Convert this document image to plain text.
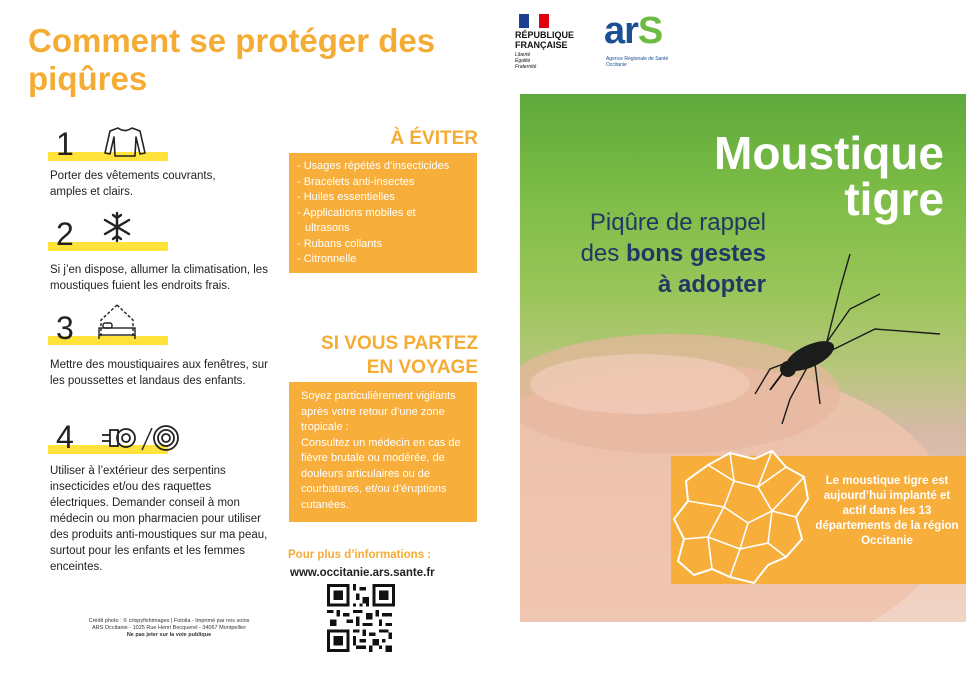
Comment se protéger des piqûres
1

Porter des vêtements couvrants, amples et clairs.

2

Si j’en dispose, allumer la climatisation, les moustiques fuient les endroits frais.

3

Mettre des moustiquaires aux fenêtres, sur les poussettes et landaus des enfants.

4

Utiliser à l’extérieur des serpentins insecticides et/ou des raquettes électriques. Demander conseil à mon médecin ou mon pharmacien pour utiliser des produits anti-moustiques sur ma peau, surtout pour les enfants et les femmes enceintes.

À ÉVITER
- Usages répétés d’insecticides
- Bracelets anti-insectes
- Huiles essentielles
- Applications mobiles et
ultrasons
- Rubans collants
- Citronnelle
SI VOUS PARTEZ
EN VOYAGE

Soyez particulièrement vigilants après votre retour d’une zone tropicale :

Consultez un médecin en cas de fièvre brutale ou modérée, de douleurs articulaires ou de courbatures, et/ou d’éruptions cutanées.

Pour plus d’informations :
www.occitanie.ars.sante.fr
Crédit photo : © crispyfishimages | Fotolia - Imprimé par nos soins
ARS Occitanie - 1025 Rue Henri Becquerel - 34067 Montpellier
Ne pas jeter sur la voie publique
RÉPUBLIQUE
FRANÇAISE
Liberté
Égalité
Fraternité
arS
Agence Régionale de Santé
Occitanie
Moustique
tigre
Piqûre de rappel
des bons gestes
à adopter
Le moustique tigre est aujourd’hui implanté et actif dans les 13 départements de la région Occitanie
